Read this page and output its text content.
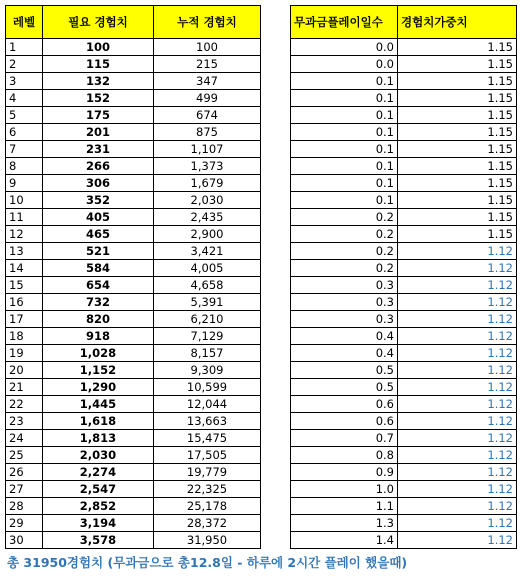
레벨	필요 경험치	누적 경험치
1	100	100
2	115	215
3	132	347
4	152	499
5	175	674
6	201	875
7	231	1,107
8	266	1,373
9	306	1,679
10	352	2,030
11	405	2,435
12	465	2,900
13	521	3,421
14	584	4,005
15	654	4,658
16	732	5,391
17	820	6,210
18	918	7,129
19	1,028	8,157
20	1,152	9,309
21	1,290	10,599
22	1,445	12,044
23	1,618	13,663
24	1,813	15,475
25	2,030	17,505
26	2,274	19,779
27	2,547	22,325
28	2,852	25,178
29	3,194	28,372
30	3,578	31,950
무과금플레이일수	경험치가중치
0.0	1.15
0.0	1.15
0.1	1.15
0.1	1.15
0.1	1.15
0.1	1.15
0.1	1.15
0.1	1.15
0.1	1.15
0.1	1.15
0.2	1.15
0.2	1.15
0.2	1.12
0.2	1.12
0.3	1.12
0.3	1.12
0.3	1.12
0.4	1.12
0.4	1.12
0.5	1.12
0.5	1.12
0.6	1.12
0.6	1.12
0.7	1.12
0.8	1.12
0.9	1.12
1.0	1.12
1.1	1.12
1.3	1.12
1.4	1.12
총 31950경험치 (무과금으로 총12.8일 - 하루에 2시간 플레이 했을때)
